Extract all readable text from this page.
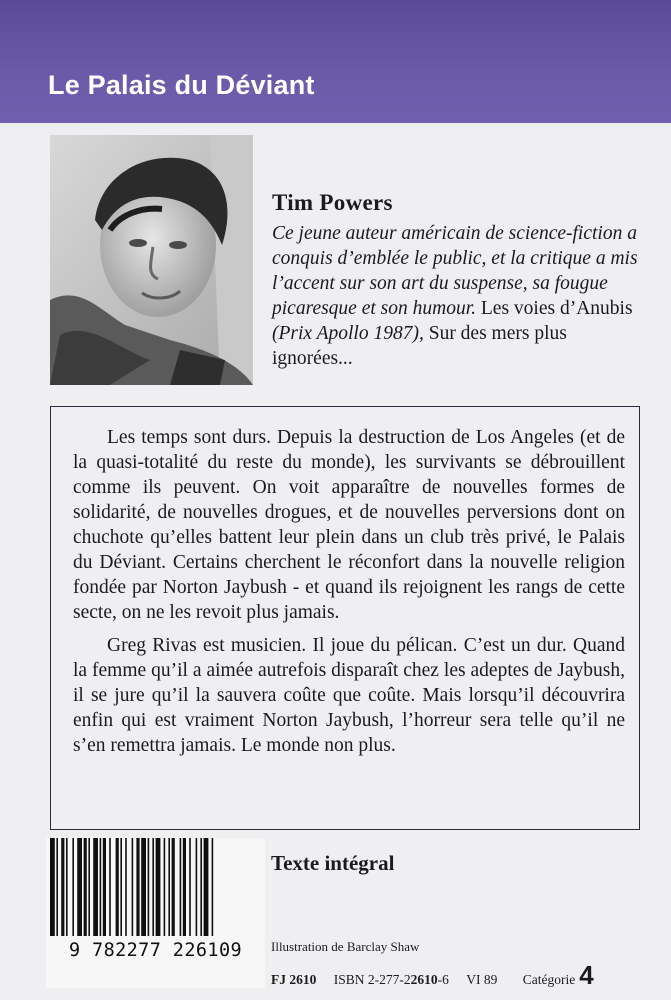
Le Palais du Déviant
Tim Powers

Ce jeune auteur américain de science-fiction a conquis d’emblée le public, et la critique a mis l’accent sur son art du suspense, sa fougue picaresque et son humour. Les voies d’Anubis (Prix Apollo 1987), Sur des mers plus ignorées...

Les temps sont durs. Depuis la destruction de Los Angeles (et de la quasi-totalité du reste du monde), les survivants se débrouillent comme ils peuvent. On voit apparaître de nouvelles formes de solidarité, de nouvelles drogues, et de nouvelles perversions dont on chuchote qu’elles battent leur plein dans un club très privé, le Palais du Déviant. Certains cherchent le réconfort dans la nouvelle religion fondée par Norton Jaybush - et quand ils rejoignent les rangs de cette secte, on ne les revoit plus jamais.

Greg Rivas est musicien. Il joue du pélican. C’est un dur. Quand la femme qu’il a aimée autrefois disparaît chez les adeptes de Jaybush, il se jure qu’il la sauvera coûte que coûte. Mais lorsqu’il découvrira enfin qui est vraiment Norton Jaybush, l’horreur sera telle qu’il ne s’en remettra jamais. Le monde non plus.

9 782277 226109
Texte intégral
Illustration de Barclay Shaw
FJ 2610 ISBN 2-277-22610-6 VI 89 Catégorie 4
